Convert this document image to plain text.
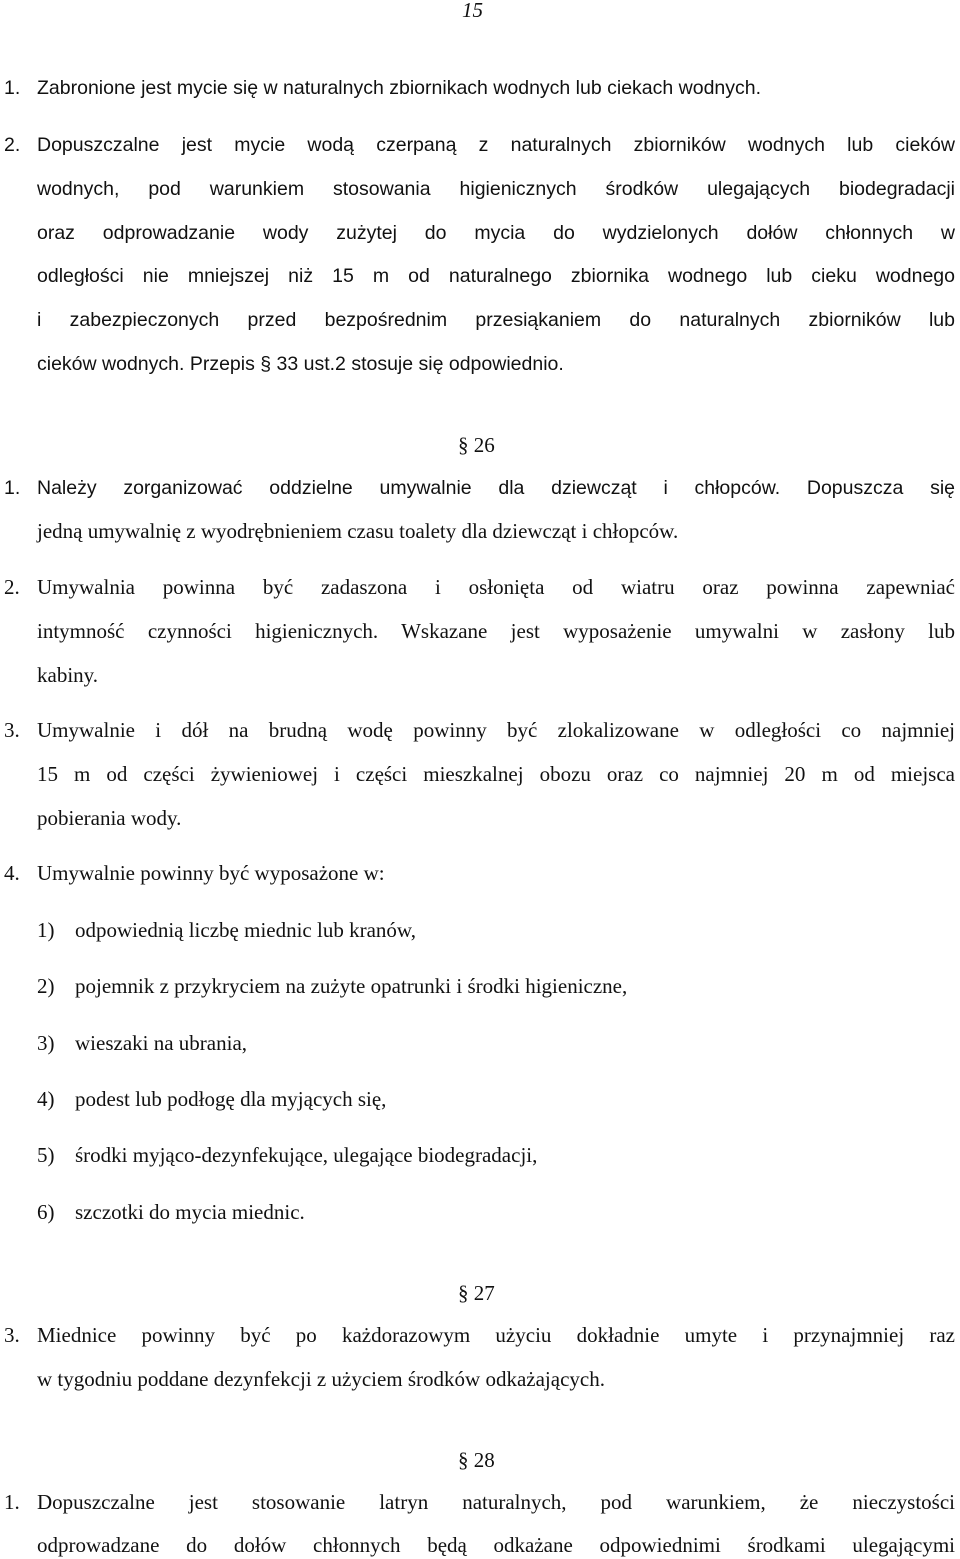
15
1. Zabronione jest mycie się w naturalnych zbiornikach wodnych lub ciekach wodnych.
2. Dopuszczalne jest mycie wodą czerpaną z naturalnych zbiorników wodnych lub cieków
wodnych, pod warunkiem stosowania higienicznych środków ulegających biodegradacji
oraz odprowadzanie wody zużytej do mycia do wydzielonych dołów chłonnych w
odległości nie mniejszej niż 15 m od naturalnego zbiornika wodnego lub cieku wodnego
i zabezpieczonych przed bezpośrednim przesiąkaniem do naturalnych zbiorników lub
cieków wodnych. Przepis § 33 ust.2 stosuje się odpowiednio.
§ 26
1. Należy zorganizować oddzielne umywalnie dla dziewcząt i chłopców. Dopuszcza się
jedną umywalnię z wyodrębnieniem czasu toalety dla dziewcząt i chłopców.
2. Umywalnia powinna być zadaszona i osłonięta od wiatru oraz powinna zapewniać
intymność czynności higienicznych. Wskazane jest wyposażenie umywalni w zasłony lub
kabiny.
3. Umywalnie i dół na brudną wodę powinny być zlokalizowane w odległości co najmniej
15 m od części żywieniowej i części mieszkalnej obozu oraz co najmniej 20 m od miejsca
pobierania wody.
4. Umywalnie powinny być wyposażone w:
1) odpowiednią liczbę miednic lub kranów,
2) pojemnik z przykryciem na zużyte opatrunki i środki higieniczne,
3) wieszaki na ubrania,
4) podest lub podłogę dla myjących się,
5) środki myjąco-dezynfekujące, ulegające biodegradacji,
6) szczotki do mycia miednic.
§ 27
3. Miednice powinny być po każdorazowym użyciu dokładnie umyte i przynajmniej raz
w tygodniu poddane dezynfekcji z użyciem środków odkażających.
§ 28
1. Dopuszczalne jest stosowanie latryn naturalnych, pod warunkiem, że nieczystości
odprowadzane do dołów chłonnych będą odkażane odpowiednimi środkami ulegającymi
